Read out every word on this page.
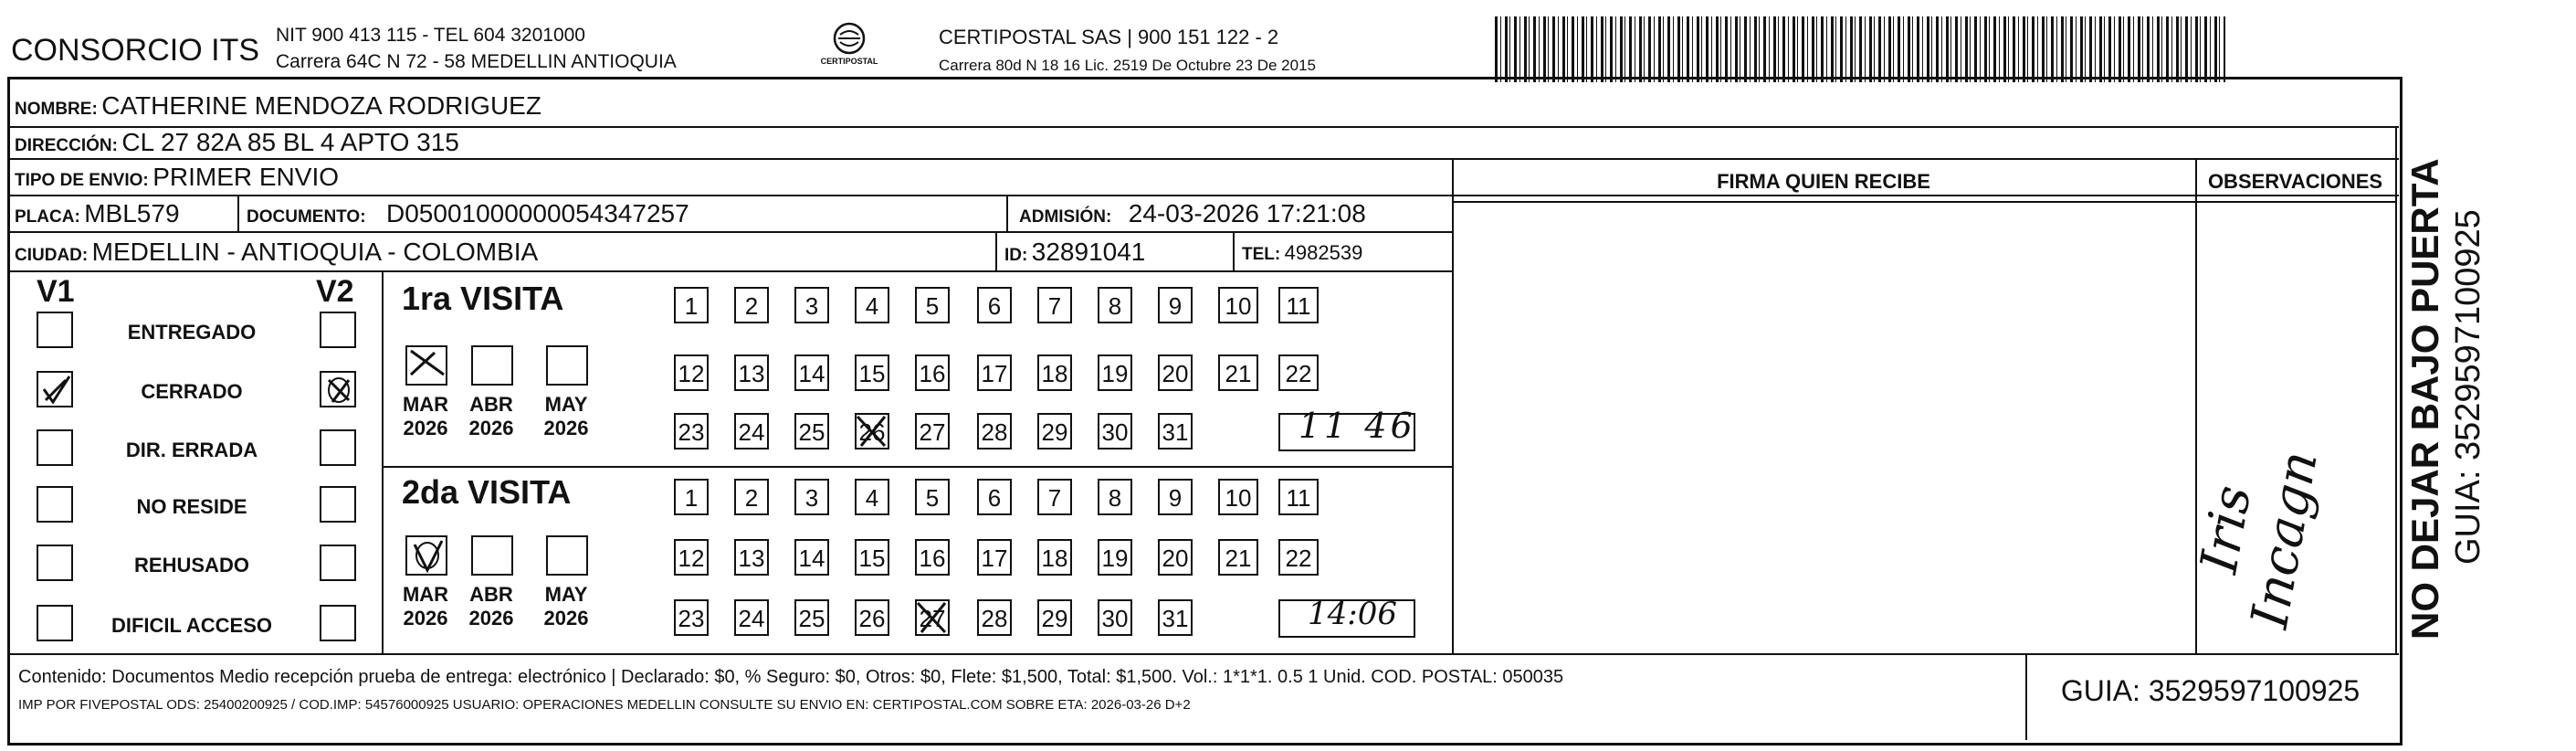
CONSORCIO ITS NIT 900 413 115 - TEL 604 3201000
Carrera 64C N 72 - 58 MEDELLIN ANTIOQUIA	CERTIPOSTAL
CERTIPOSTAL SAS | 900 151 122 - 2
Carrera 80d N 18 16 Lic. 2519 De Octubre 23 De 2015
NOMBRE: CATHERINE MENDOZA RODRIGUEZ
DIRECCIÓN: CL 27 82A 85 BL 4 APTO 315
TIPO DE ENVIO: PRIMER ENVIO
PLACA: MBL579	DOCUMENTO: D05001000000054347257	ADMISIÓN: 24-03-2026 17:21:08
CIUDAD: MEDELLIN - ANTIOQUIA - COLOMBIA	ID: 32891041	TEL: 4982539
FIRMA QUIEN RECIBE	OBSERVACIONES
V1	V2
ENTREGADO
CERRADO
DIR. ERRADA
NO RESIDE
REHUSADO
DIFICIL ACCESO
1ra VISITA
2da VISITA
MAR
2026
ABR
2026
MAY
2026
1	2	3	4	5	6	7	8	9	10	11
12 13 14 15 16 17 18 19 20 21 22
23 24 25 26 27 28 29 30 31
MAR
2026
ABR
2026
MAY
2026
1	2	3	4	5	6	7	8	9	10	11
12 13 14 15 16 17 18 19 20 21 22
23 24 25 26 27 28 29 30 31
11 46
14:06
Iris Incagn
Contenido: Documentos Medio recepción prueba de entrega: electrónico | Declarado: $0, % Seguro: $0, Otros: $0, Flete: $1,500, Total: $1,500. Vol.: 1*1*1. 0.5 1 Unid. COD. POSTAL: 050035
IMP POR FIVEPOSTAL ODS: 25400200925 / COD.IMP: 54576000925 USUARIO: OPERACIONES MEDELLIN CONSULTE SU ENVIO EN: CERTIPOSTAL.COM SOBRE ETA: 2026-03-26 D+2	GUIA: 3529597100925
NO DEJAR BAJO PUERTA GUIA: 3529597100925
